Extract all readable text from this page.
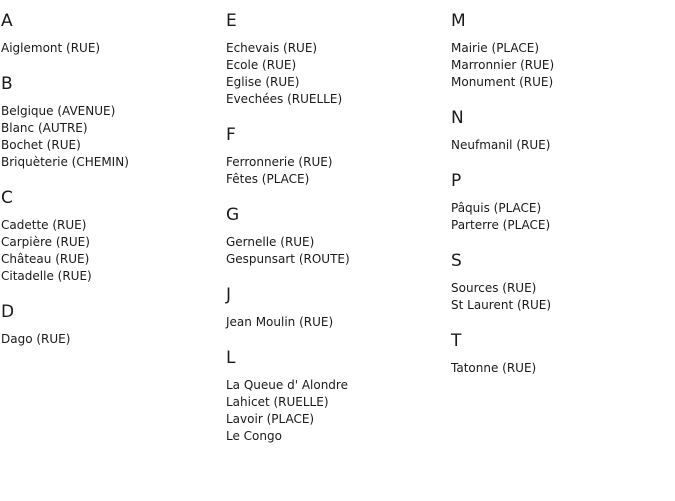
A
Aiglemont (RUE)
B
Belgique (AVENUE)
Blanc (AUTRE)
Bochet (RUE)
Briquèterie (CHEMIN)
C
Cadette (RUE)
Carpière (RUE)
Château (RUE)
Citadelle (RUE)
D
Dago (RUE)
E
Echevais (RUE)
Ecole (RUE)
Eglise (RUE)
Evechées (RUELLE)
F
Ferronnerie (RUE)
Fêtes (PLACE)
G
Gernelle (RUE)
Gespunsart (ROUTE)
J
Jean Moulin (RUE)
L
La Queue d' Alondre
Lahicet (RUELLE)
Lavoir (PLACE)
Le Congo
M
Mairie (PLACE)
Marronnier (RUE)
Monument (RUE)
N
Neufmanil (RUE)
P
Pâquis (PLACE)
Parterre (PLACE)
S
Sources (RUE)
St Laurent (RUE)
T
Tatonne (RUE)
